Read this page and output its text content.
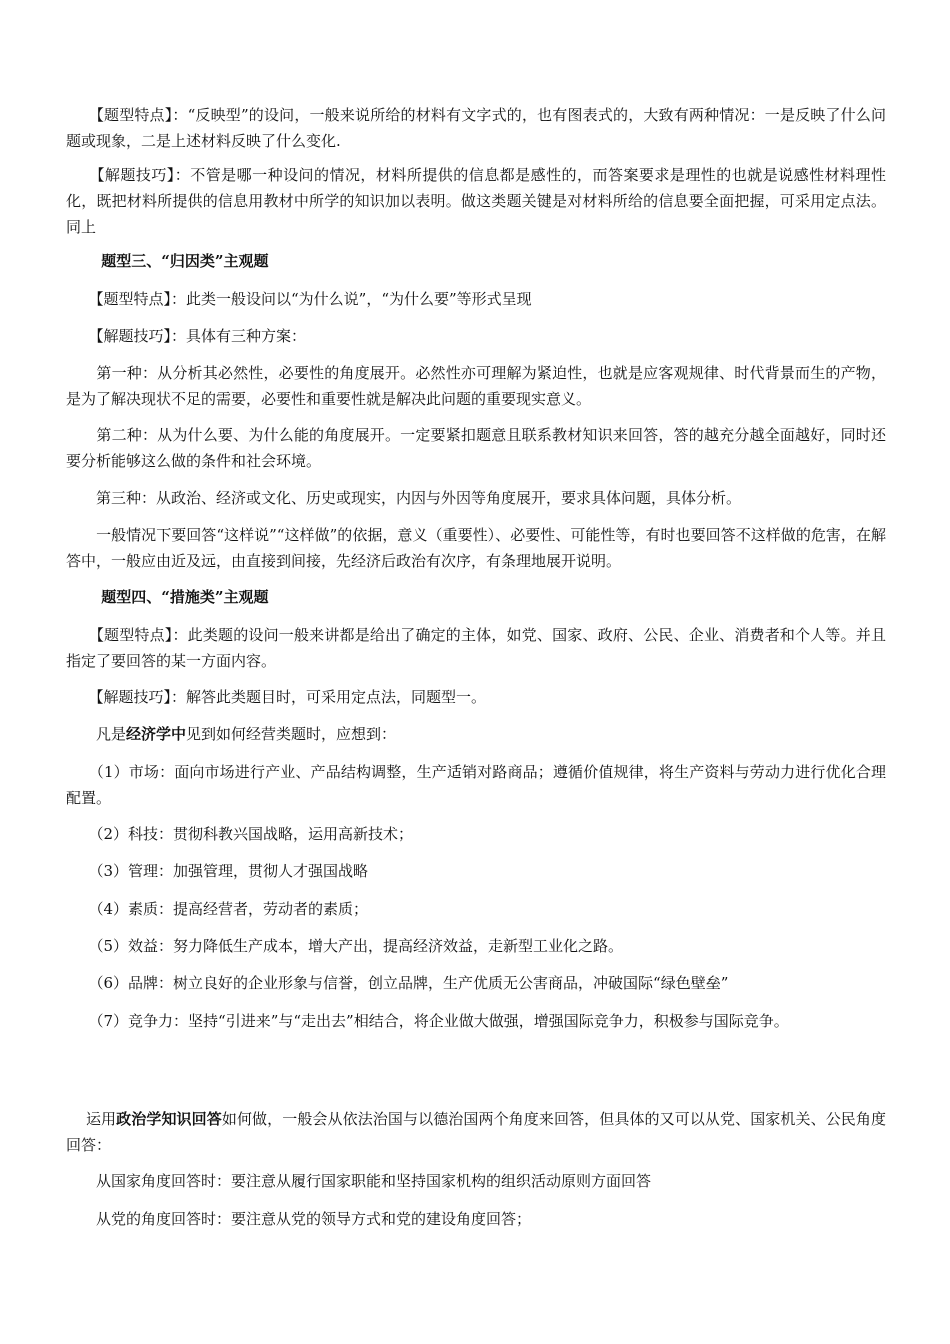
　　【题型特点】：“反映型”的设问，一般来说所给的材料有文字式的，也有图表式的，大致有两种情况：一是反映了什么问题或现象，二是上述材料反映了什么变化.

　　【解题技巧】：不管是哪一种设问的情况，材料所提供的信息都是感性的，而答案要求是理性的也就是说感性材料理性化，既把材料所提供的信息用教材中所学的知识加以表明。做这类题关键是对材料所给的信息要全面把握，可采用定点法。同上

　　 题型三、“归因类”主观题

　　【题型特点】：此类一般设问以“为什么说”，“为什么要”等形式呈现

　　【解题技巧】：具体有三种方案：

　　第一种：从分析其必然性，必要性的角度展开。必然性亦可理解为紧迫性，也就是应客观规律、时代背景而生的产物，是为了解决现状不足的需要，必要性和重要性就是解决此问题的重要现实意义。

　　第二种：从为什么要、为什么能的角度展开。一定要紧扣题意且联系教材知识来回答，答的越充分越全面越好，同时还要分析能够这么做的条件和社会环境。

　　第三种：从政治、经济或文化、历史或现实，内因与外因等角度展开，要求具体问题，具体分析。

　　一般情况下要回答“这样说”“这样做”的依据，意义（重要性）、必要性、可能性等，有时也要回答不这样做的危害，在解答中，一般应由近及远，由直接到间接，先经济后政治有次序，有条理地展开说明。

　　 题型四、“措施类”主观题

　　【题型特点】：此类题的设问一般来讲都是给出了确定的主体，如党、国家、政府、公民、企业、消费者和个人等。并且指定了要回答的某一方面内容。

　　【解题技巧】：解答此类题目时，可采用定点法，同题型一。

　　凡是经济学中见到如何经营类题时，应想到：

　　（1）市场：面向市场进行产业、产品结构调整，生产适销对路商品；遵循价值规律，将生产资料与劳动力进行优化合理配置。

　　（2）科技：贯彻科教兴国战略，运用高新技术；

　　（3）管理：加强管理，贯彻人才强国战略

　　（4）素质：提高经营者，劳动者的素质；

　　（5）效益：努力降低生产成本，增大产出，提高经济效益，走新型工业化之路。

　　（6）品牌：树立良好的企业形象与信誉，创立品牌，生产优质无公害商品，冲破国际“绿色壁垒”

　　（7）竞争力：坚持“引进来”与“走出去”相结合，将企业做大做强，增强国际竞争力，积极参与国际竞争。

　 运用政治学知识回答如何做，一般会从依法治国与以德治国两个角度来回答，但具体的又可以从党、国家机关、公民角度回答：

　　从国家角度回答时：要注意从履行国家职能和坚持国家机构的组织活动原则方面回答

　　从党的角度回答时：要注意从党的领导方式和党的建设角度回答；
